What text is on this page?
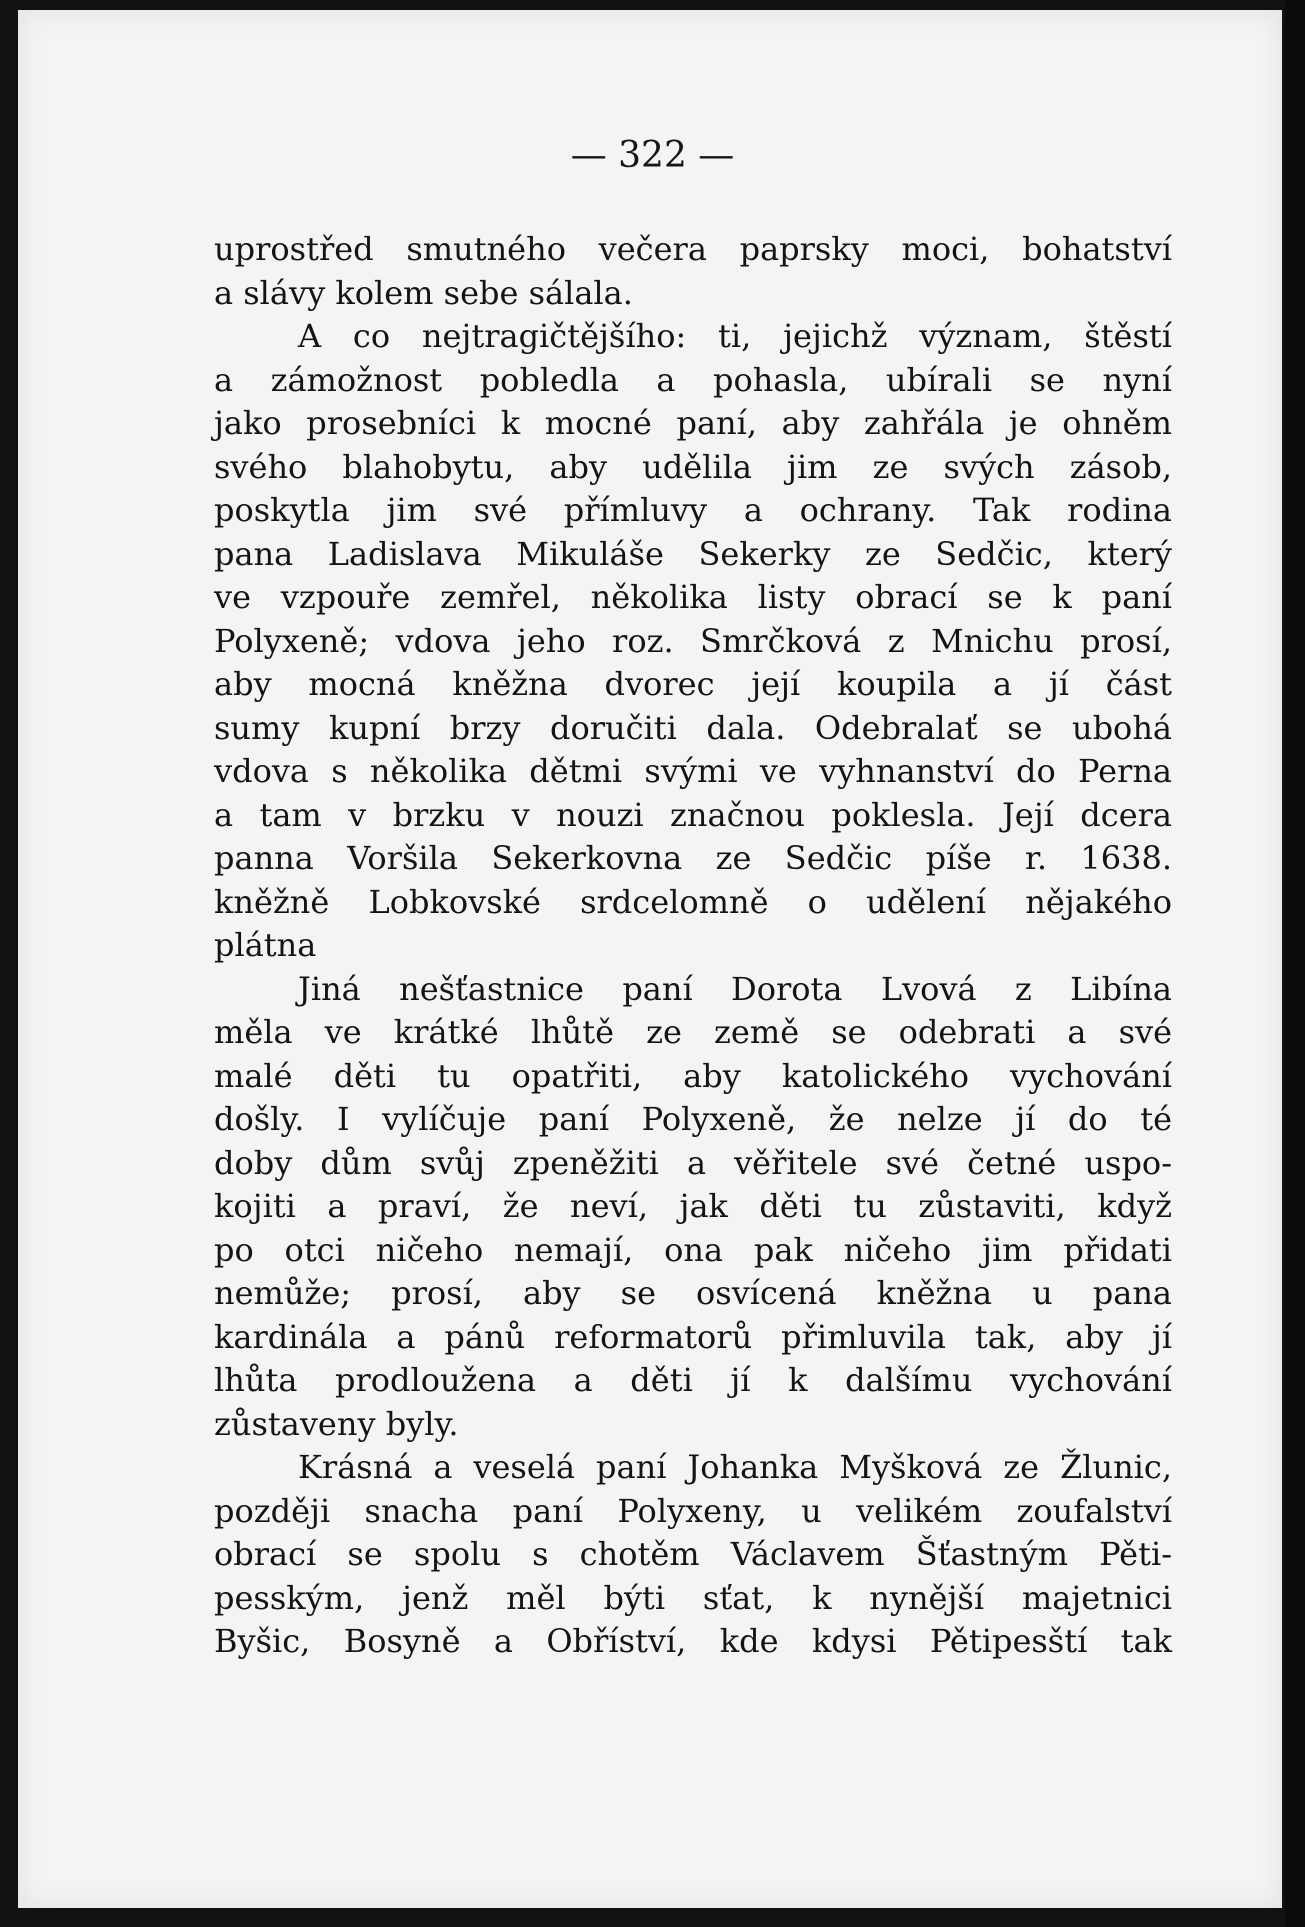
— 322 —
uprostřed smutného večera paprsky moci, bohatství
a slávy kolem sebe sálala.
A co nejtragičtějšího: ti, jejichž význam, štěstí
a zámožnost pobledla a pohasla, ubírali se nyní
jako prosebníci k mocné paní, aby zahřála je ohněm
svého blahobytu, aby udělila jim ze svých zásob,
poskytla jim své přímluvy a ochrany. Tak rodina
pana Ladislava Mikuláše Sekerky ze Sedčic, který
ve vzpouře zemřel, několika listy obrací se k paní
Polyxeně; vdova jeho roz. Smrčková z Mnichu prosí,
aby mocná kněžna dvorec její koupila a jí část
sumy kupní brzy doručiti dala. Odebralať se ubohá
vdova s několika dětmi svými ve vyhnanství do Perna
a tam v brzku v nouzi značnou poklesla. Její dcera
panna Voršila Sekerkovna ze Sedčic píše r. 1638.
kněžně Lobkovské srdcelomně o udělení nějakého
plátna
Jiná nešťastnice paní Dorota Lvová z Libína
měla ve krátké lhůtě ze země se odebrati a své
malé děti tu opatřiti, aby katolického vychování
došly. I vylíčuje paní Polyxeně, že nelze jí do té
doby dům svůj zpeněžiti a věřitele své četné uspo-
kojiti a praví, že neví, jak děti tu zůstaviti, když
po otci ničeho nemají, ona pak ničeho jim přidati
nemůže; prosí, aby se osvícená kněžna u pana
kardinála a pánů reformatorů přimluvila tak, aby jí
lhůta prodloužena a děti jí k dalšímu vychování
zůstaveny byly.
Krásná a veselá paní Johanka Myšková ze Žlunic,
později snacha paní Polyxeny, u velikém zoufalství
obrací se spolu s chotěm Václavem Šťastným Pěti-
pesským, jenž měl býti sťat, k nynější majetnici
Byšic, Bosyně a Obříství, kde kdysi Pětipesští tak
